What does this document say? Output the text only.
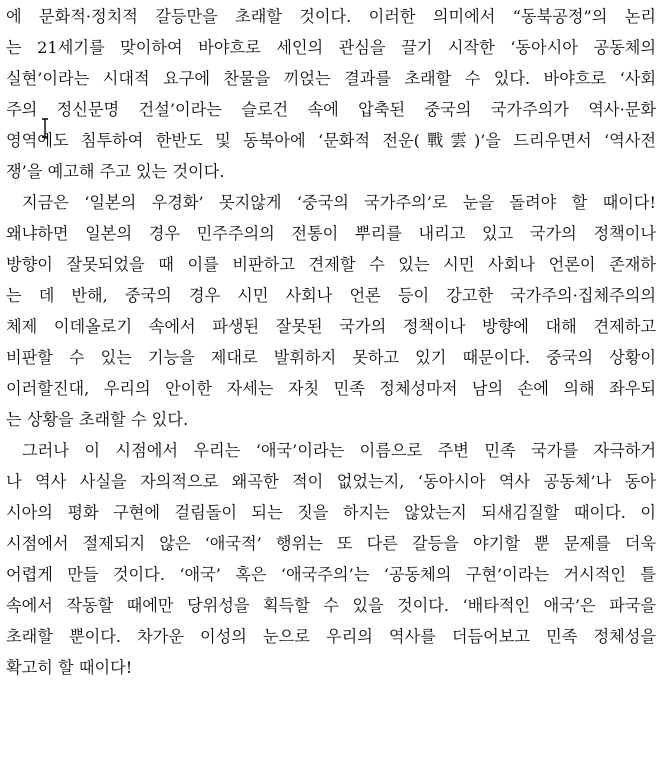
에 문화적·정치적 갈등만을 초래할 것이다. 이러한 의미에서 “동북공정”의 논리
는 21세기를 맞이하여 바야흐로 세인의 관심을 끌기 시작한 ‘동아시아 공동체의
실현’이라는 시대적 요구에 찬물을 끼얹는 결과를 초래할 수 있다. 바야흐로 ‘사회
주의 정신문명 건설’이라는 슬로건 속에 압축된 중국의 국가주의가 역사·문화
영역에도 침투하여 한반도 및 동북아에 ‘문화적 전운(戰雲)’을 드리우면서 ‘역사전
쟁’을 예고해 주고 있는 것이다.
지금은 ‘일본의 우경화’ 못지않게 ‘중국의 국가주의’로 눈을 돌려야 할 때이다!
왜냐하면 일본의 경우 민주주의의 전통이 뿌리를 내리고 있고 국가의 정책이나
방향이 잘못되었을 때 이를 비판하고 견제할 수 있는 시민 사회나 언론이 존재하
는 데 반해, 중국의 경우 시민 사회나 언론 등이 강고한 국가주의·집체주의의
체제 이데올로기 속에서 파생된 잘못된 국가의 정책이나 방향에 대해 견제하고
비판할 수 있는 기능을 제대로 발휘하지 못하고 있기 때문이다. 중국의 상황이
이러할진대, 우리의 안이한 자세는 자칫 민족 정체성마저 남의 손에 의해 좌우되
는 상황을 초래할 수 있다.
그러나 이 시점에서 우리는 ‘애국’이라는 이름으로 주변 민족 국가를 자극하거
나 역사 사실을 자의적으로 왜곡한 적이 없었는지, ‘동아시아 역사 공동체’나 동아
시아의 평화 구현에 걸림돌이 되는 짓을 하지는 않았는지 되새김질할 때이다. 이
시점에서 절제되지 않은 ‘애국적’ 행위는 또 다른 갈등을 야기할 뿐 문제를 더욱
어렵게 만들 것이다. ‘애국’ 혹은 ‘애국주의’는 ‘공동체의 구현’이라는 거시적인 틀
속에서 작동할 때에만 당위성을 획득할 수 있을 것이다. ‘배타적인 애국’은 파국을
초래할 뿐이다. 차가운 이성의 눈으로 우리의 역사를 더듬어보고 민족 정체성을
확고히 할 때이다!
